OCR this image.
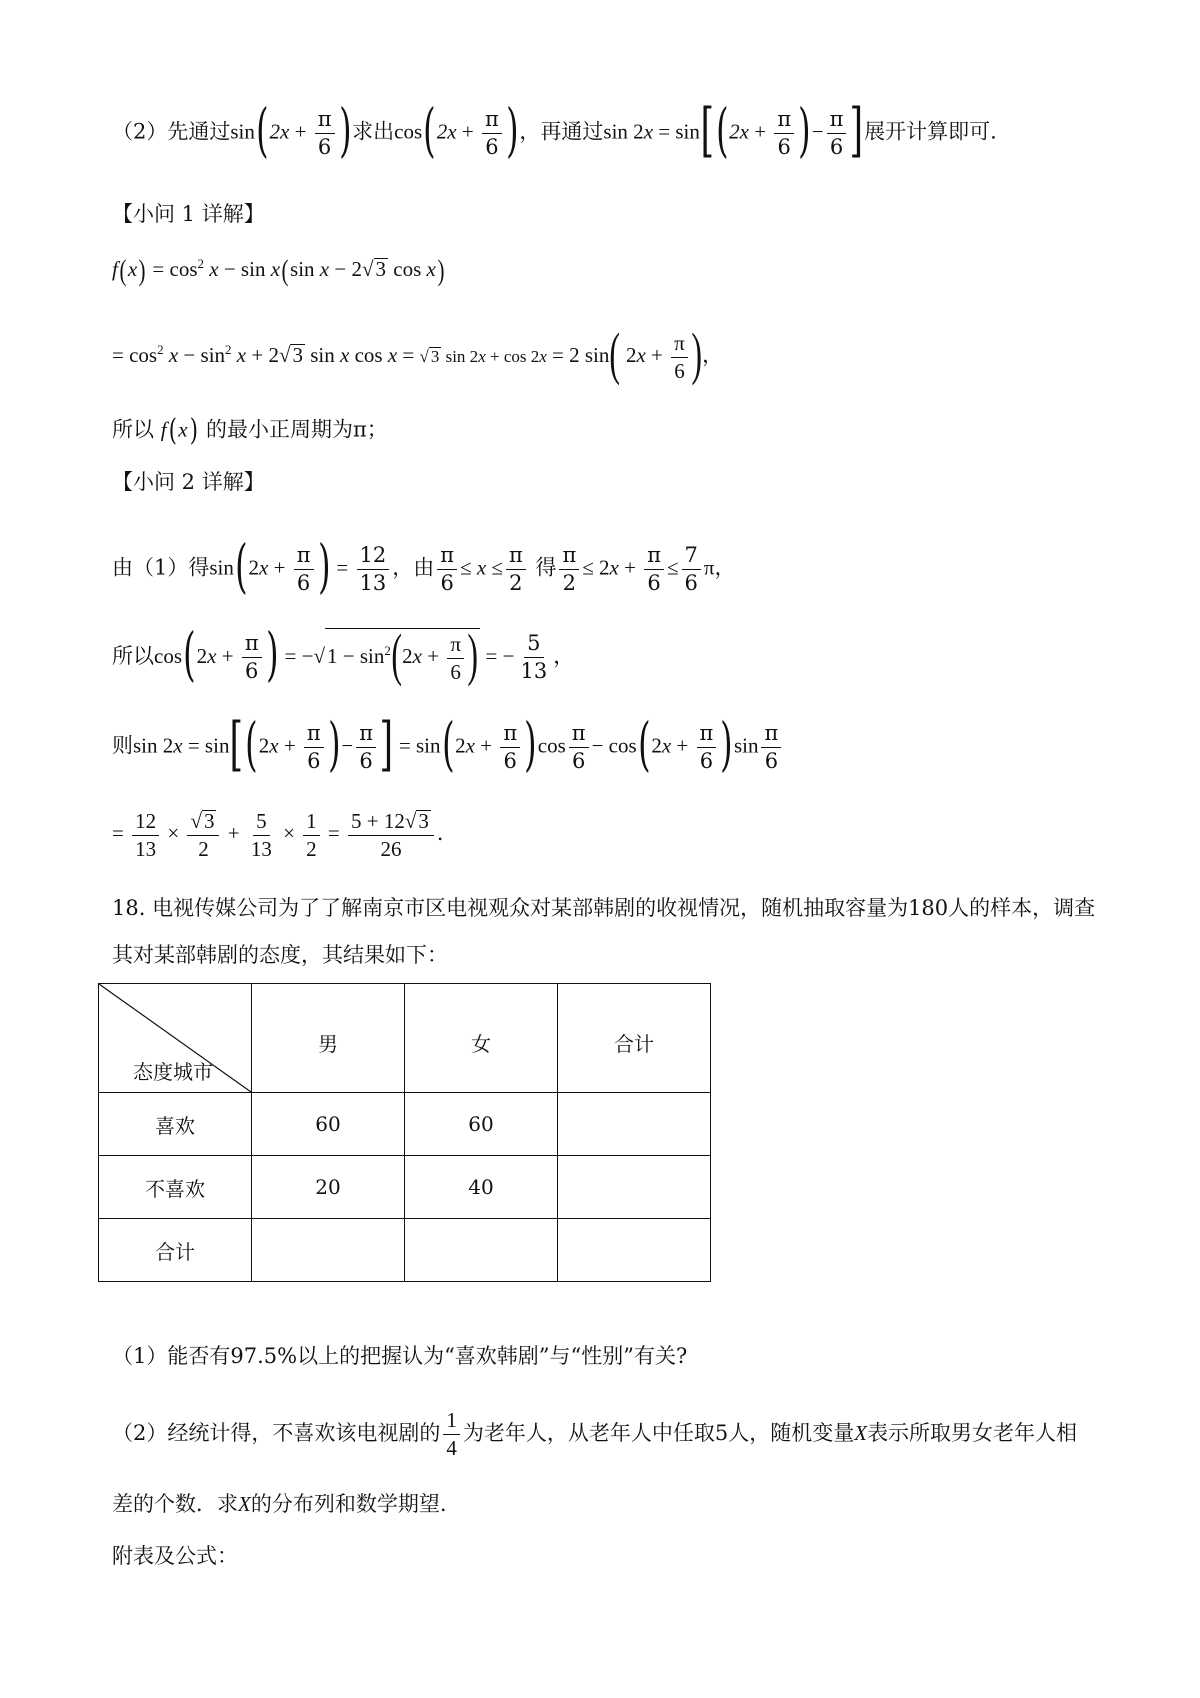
（2）先通过$\sin(2x + \frac{\pi}{6}$ )求出$\cos(2x + \frac{\pi}{6}$ )，再通过$\sin 2x = \sin[(2x + \frac{\pi}{6}$ )− $\frac{\pi}{6}$ ]展开计算即可.
【小问 1 详解】
$f(x) = \cos^2 x - \sin x(\sin$ x − 2√3 cos x)
= $\cos^2 x - \sin^2 x + 2√3$ sin x cos x = √ 3 sin 2x + cos 2x = 2 sin( $2x + \frac{\pi}{6}$ )，
所以 f(x) 的最小正周期为π；
【小问 2 详解】
由（1）得$\sin(2x + \frac{\pi}{6}$ ) = $\frac{12}{13}$ ，由 $\frac{\pi}{6} \le x \le \frac{\pi}{2}$ 得 $\frac{\pi}{2} \le 2x + \frac{\pi}{6} \le \frac{7}{6}$ π，
所以$\cos(2x + \frac{\pi}{6}$ ) = $-√1 - \sin^2(2x + \frac{\pi}{6}$ ) = − $\frac{5}{13}$ ，
则$\sin 2x = \sin[(2x + \frac{\pi}{6}$ )− $\frac{\pi}{6}$ ] = $\sin(2x + \frac{\pi}{6} )\cos \frac{\pi}{6} - \cos(2x + \frac{\pi}{6} )\sin \frac{\pi}{6}$
= $\frac{12}{13} \times \frac{√3}{2} + \frac{5}{13} \times \frac{1}{2} = \frac{5 + 12√3}{26}$ ．
18. 电视传媒公司为了了解南京市区电视观众对某部韩剧的收视情况，随机抽取容量为180人的样本，调查
其对某部韩剧的态度，其结果如下：
态度城市	男	女	合计
喜欢	60	60	
不喜欢	20	40	
合计			
（1）能否有97.5%以上的把握认为“喜欢韩剧”与“性别”有关?
（2）经统计得，不喜欢该电视剧的 $\frac{1}{4}$ 为老年人，从老年人中任取5人，随机变量X表示所取男女老年人相
差的个数．求X的分布列和数学期望.
附表及公式：
